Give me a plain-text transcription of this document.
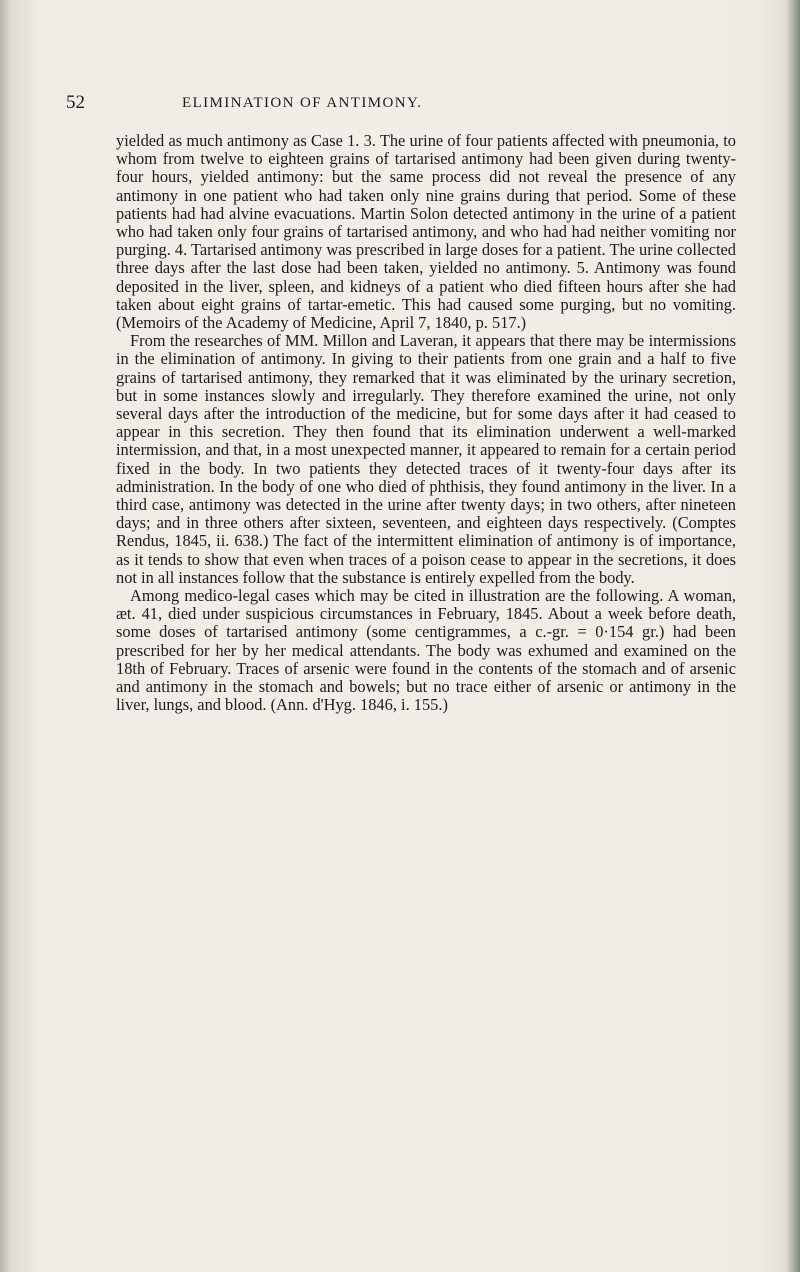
52	ELIMINATION OF ANTIMONY.

yielded as much antimony as Case 1. 3. The urine of four patients affected with pneumonia, to whom from twelve to eighteen grains of tartarised antimony had been given during twenty-four hours, yielded antimony: but the same process did not reveal the presence of any antimony in one patient who had taken only nine grains during that period. Some of these patients had had alvine evacuations. Martin Solon detected antimony in the urine of a patient who had taken only four grains of tartarised antimony, and who had had neither vomiting nor purging. 4. Tartarised antimony was prescribed in large doses for a patient. The urine collected three days after the last dose had been taken, yielded no antimony. 5. Antimony was found deposited in the liver, spleen, and kidneys of a patient who died fifteen hours after she had taken about eight grains of tartar-emetic. This had caused some purging, but no vomiting. (Memoirs of the Academy of Medicine, April 7, 1840, p. 517.)

From the researches of MM. Millon and Laveran, it appears that there may be intermissions in the elimination of antimony. In giving to their patients from one grain and a half to five grains of tartarised antimony, they remarked that it was eliminated by the urinary secretion, but in some instances slowly and irregularly. They therefore examined the urine, not only several days after the introduction of the medicine, but for some days after it had ceased to appear in this secretion. They then found that its elimination underwent a well-marked intermission, and that, in a most unexpected manner, it appeared to remain for a certain period fixed in the body. In two patients they detected traces of it twenty-four days after its administration. In the body of one who died of phthisis, they found antimony in the liver. In a third case, antimony was detected in the urine after twenty days; in two others, after nineteen days; and in three others after sixteen, seventeen, and eighteen days respectively. (Comptes Rendus, 1845, ii. 638.) The fact of the intermittent elimination of antimony is of importance, as it tends to show that even when traces of a poison cease to appear in the secretions, it does not in all instances follow that the substance is entirely expelled from the body.

Among medico-legal cases which may be cited in illustration are the following. A woman, æt. 41, died under suspicious circumstances in February, 1845. About a week before death, some doses of tartarised antimony (some centigrammes, a c.-gr. = 0·154 gr.) had been prescribed for her by her medical attendants. The body was exhumed and examined on the 18th of February. Traces of arsenic were found in the contents of the stomach and of arsenic and antimony in the stomach and bowels; but no trace either of arsenic or antimony in the liver, lungs, and blood. (Ann. d'Hyg. 1846, i. 155.)
